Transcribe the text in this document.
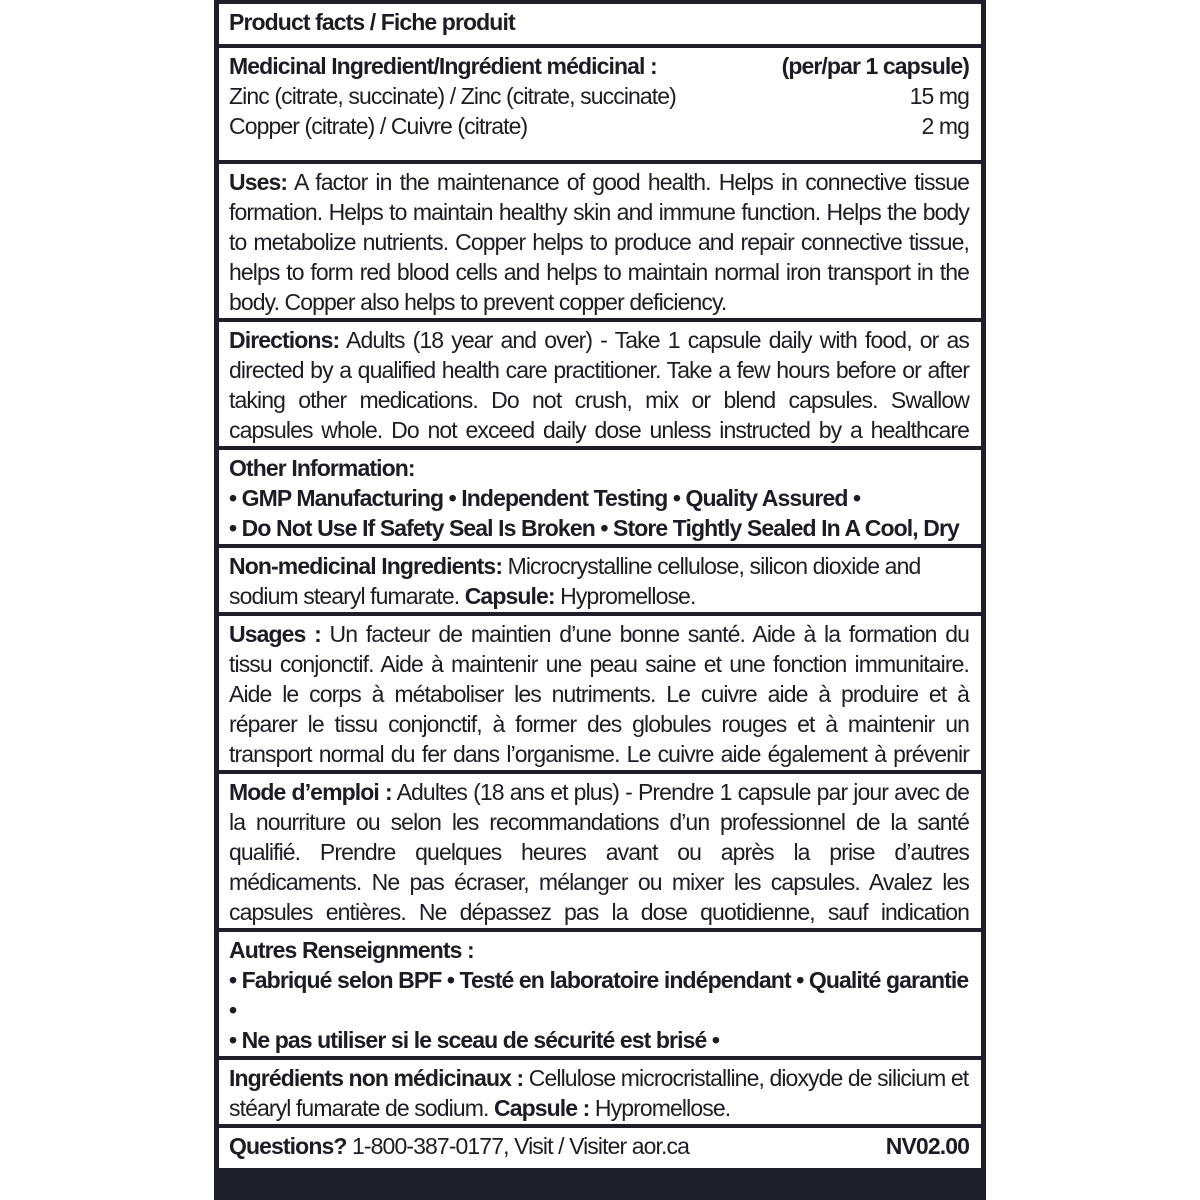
Product facts / Fiche produit
Medicinal Ingredient/Ingrédient médicinal :	(per/par 1 capsule)
Zinc (citrate, succinate) / Zinc (citrate, succinate)	15 mg
Copper (citrate) / Cuivre (citrate)	2 mg
Uses: A factor in the maintenance of good health. Helps in connective tissue formation. Helps to maintain healthy skin and immune function. Helps the body to metabolize nutrients. Copper helps to produce and repair connective tissue, helps to form red blood cells and helps to maintain normal iron transport in the body. Copper also helps to prevent copper deficiency.
Directions: Adults (18 year and over) - Take 1 capsule daily with food, or as directed by a qualified health care practitioner. Take a few hours before or after taking other medications. Do not crush, mix or blend capsules. Swallow capsules whole. Do not exceed daily dose unless instructed by a healthcare
Other Information:
• GMP Manufacturing • Independent Testing • Quality Assured •
• Do Not Use If Safety Seal Is Broken • Store Tightly Sealed In A Cool, Dry
Non-medicinal Ingredients: Microcrystalline cellulose, silicon dioxide and sodium stearyl fumarate. Capsule: Hypromellose.
Usages : Un facteur de maintien d’une bonne santé. Aide à la formation du tissu conjonctif. Aide à maintenir une peau saine et une fonction immunitaire. Aide le corps à métaboliser les nutriments. Le cuivre aide à produire et à réparer le tissu conjonctif, à former des globules rouges et à maintenir un transport normal du fer dans l’organisme. Le cuivre aide également à prévenir
Mode d’emploi : Adultes (18 ans et plus) - Prendre 1 capsule par jour avec de la nourriture ou selon les recommandations d’un professionnel de la santé qualifié. Prendre quelques heures avant ou après la prise d’autres médicaments. Ne pas écraser, mélanger ou mixer les capsules. Avalez les capsules entières. Ne dépassez pas la dose quotidienne, sauf indication
Autres Renseignments :
• Fabriqué selon BPF • Testé en laboratoire indépendant • Qualité garantie •
• Ne pas utiliser si le sceau de sécurité est brisé •
Ingrédients non médicinaux : Cellulose microcristalline, dioxyde de silicium et stéaryl fumarate de sodium. Capsule : Hypromellose.
Questions? 1-800-387-0177, Visit / Visiter aor.ca	NV02.00
